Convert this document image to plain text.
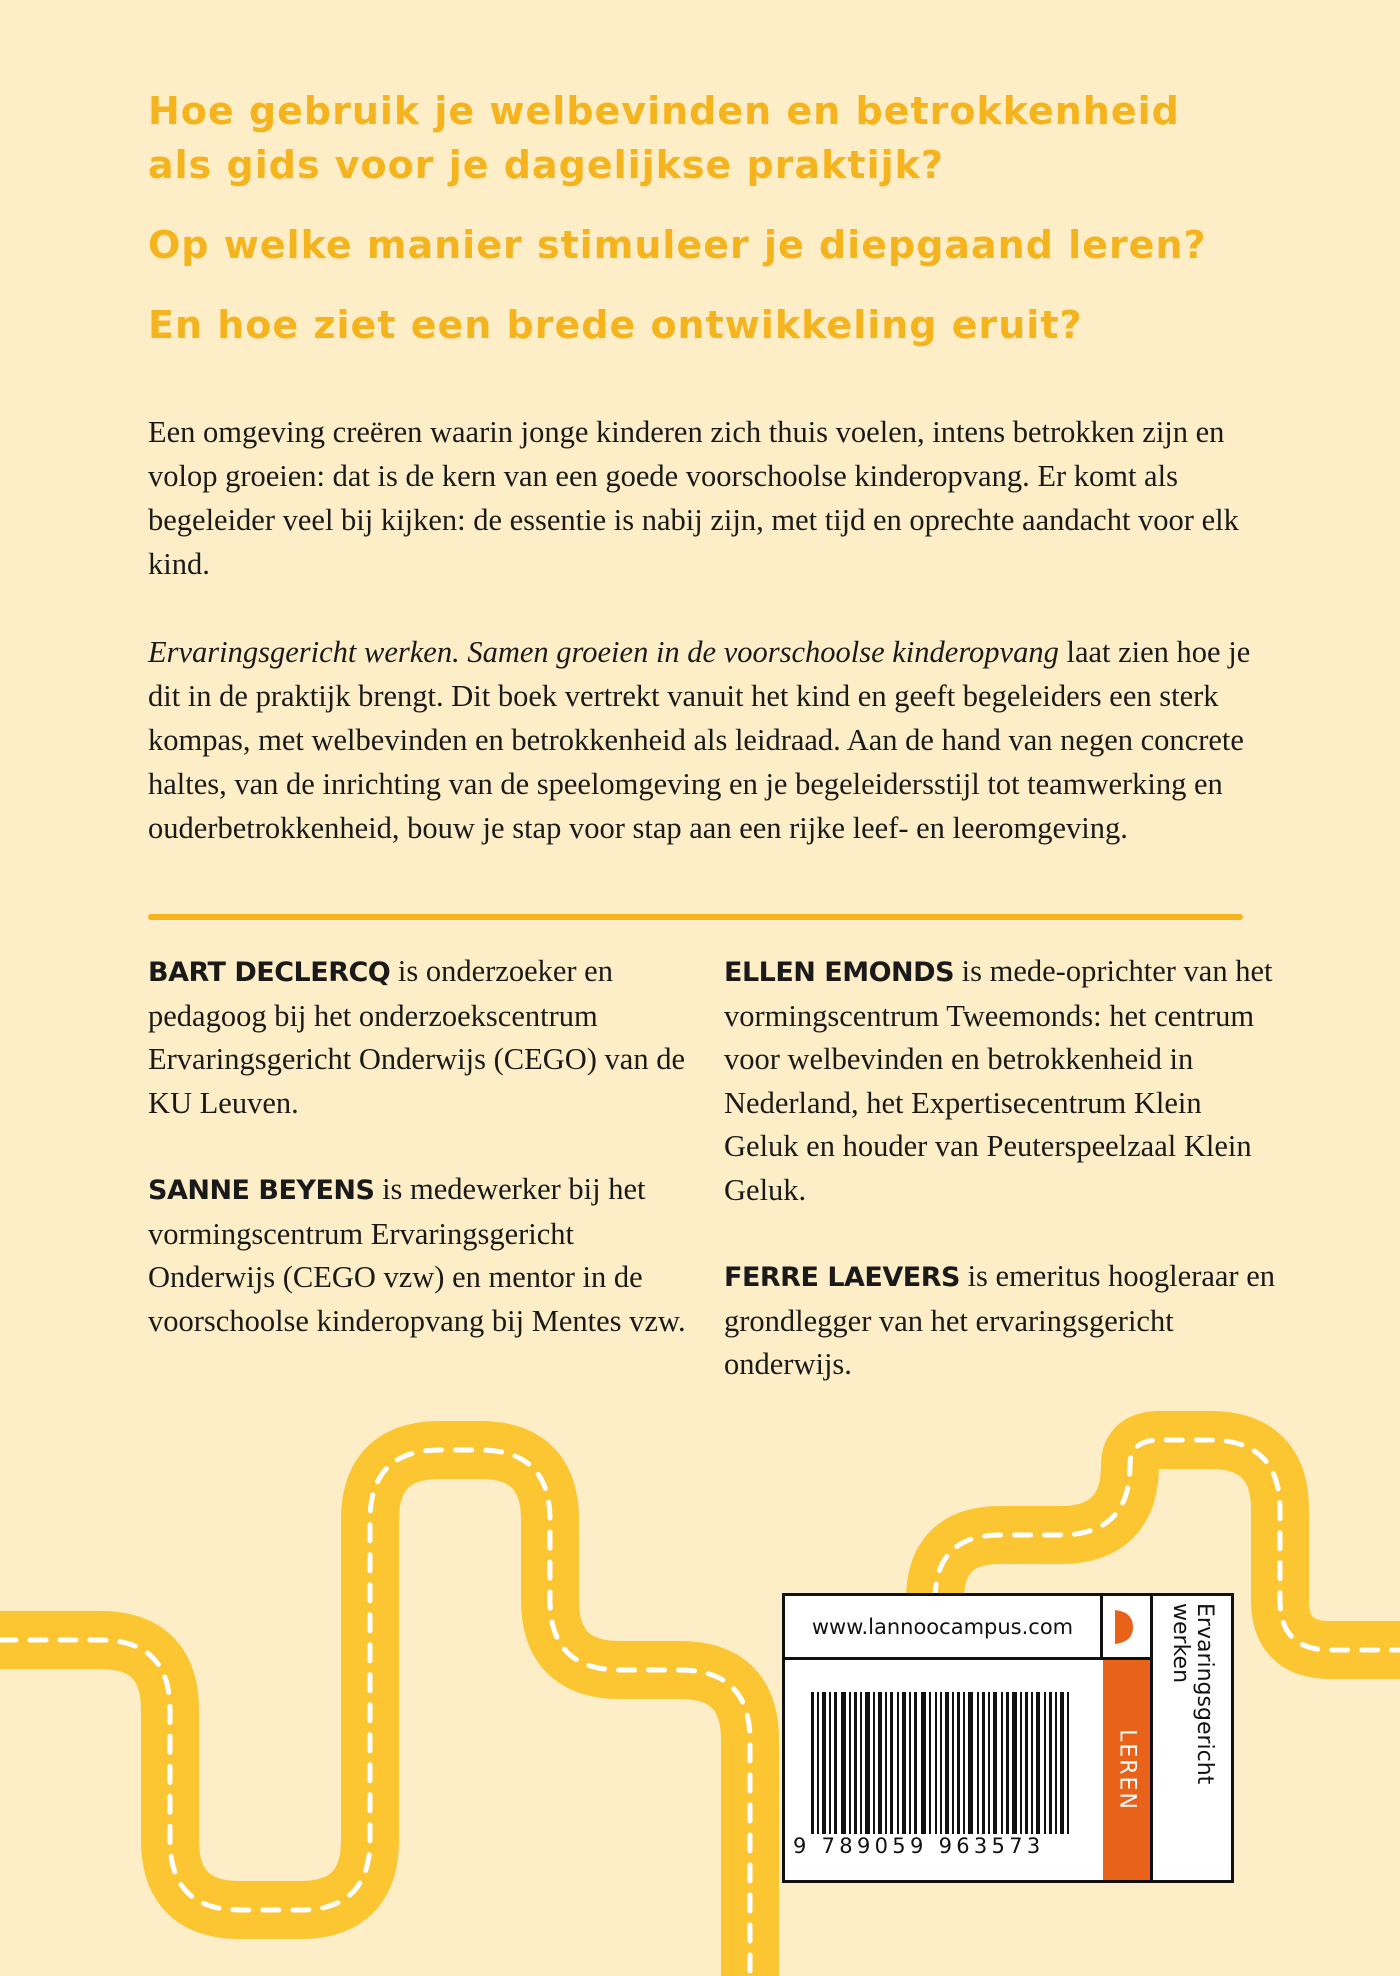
Hoe gebruik je welbevinden en betrokkenheid
als gids voor je dagelijkse praktijk?

Op welke manier stimuleer je diepgaand leren?

En hoe ziet een brede ontwikkeling eruit?

Een omgeving creëren waarin jonge kinderen zich thuis voelen, intens betrokken zijn en volop groeien: dat is de kern van een goede voorschoolse kinderopvang. Er komt als begeleider veel bij kijken: de essentie is nabij zijn, met tijd en oprechte aandacht voor elk kind.

Ervaringsgericht werken. Samen groeien in de voorschoolse kinderopvang laat zien hoe je dit in de praktijk brengt. Dit boek vertrekt vanuit het kind en geeft begeleiders een sterk kompas, met welbevinden en betrokkenheid als leidraad. Aan de hand van negen concrete haltes, van de inrichting van de speelomgeving en je begeleidersstijl tot teamwerking en ouderbetrokkenheid, bouw je stap voor stap aan een rijke leef- en leeromgeving.

BART DECLERCQ is onderzoeker en pedagoog bij het onderzoekscentrum Ervaringsgericht Onderwijs (CEGO) van de KU Leuven.

SANNE BEYENS is medewerker bij het vormingscentrum Ervaringsgericht Onderwijs (CEGO vzw) en mentor in de voorschoolse kinderopvang bij Mentes vzw.

ELLEN EMONDS is mede-oprichter van het vormingscentrum Tweemonds: het centrum voor welbevinden en betrokkenheid in Nederland, het Expertisecentrum Klein Geluk en houder van Peuterspeelzaal Klein Geluk.

FERRE LAEVERS is emeritus hoogleraar en grondlegger van het ervaringsgericht onderwijs.

www.lannoocampus.com
9 789059 963573
LEREN Ervaringsgericht
werken
